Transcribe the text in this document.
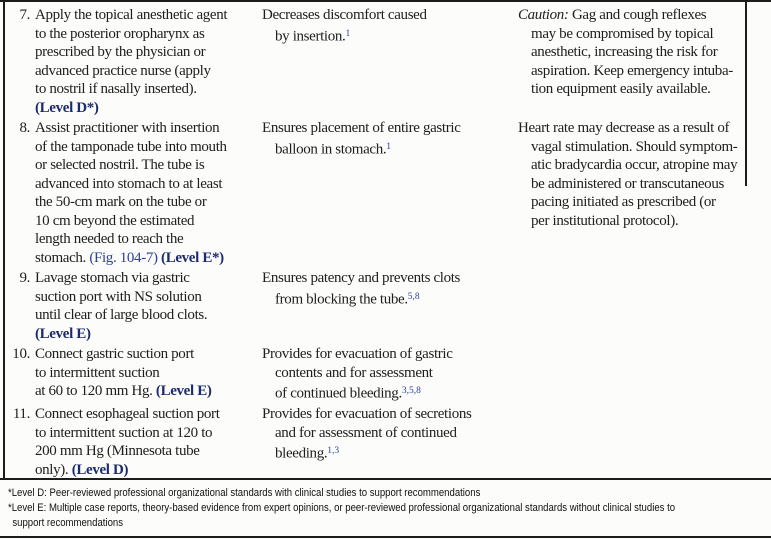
7. Apply the topical anesthetic agent
to the posterior oropharynx as
prescribed by the physician or
advanced practice nurse (apply
to nostril if nasally inserted).
(Level D*)
Decreases discomfort caused
by insertion.$^1$
Caution: Gag and cough reflexes
may be compromised by topical
anesthetic, increasing the risk for
aspiration. Keep emergency intuba-
tion equipment easily available.
8. Assist practitioner with insertion
of the tamponade tube into mouth
or selected nostril. The tube is
advanced into stomach to at least
the 50-cm mark on the tube or
10 cm beyond the estimated
length needed to reach the
stomach. (Fig. 104-7) (Level E*)
Ensures placement of entire gastric
balloon in stomach.$^1$
Heart rate may decrease as a result of
vagal stimulation. Should symptom-
atic bradycardia occur, atropine may
be administered or transcutaneous
pacing initiated as prescribed (or
per institutional protocol).
9. Lavage stomach via gastric
suction port with NS solution
until clear of large blood clots.
(Level E)
Ensures patency and prevents clots
from blocking the tube.$^{5,8}$
10. Connect gastric suction port
to intermittent suction
at 60 to 120 mm Hg. (Level E)
Provides for evacuation of gastric
contents and for assessment
of continued bleeding.$^{3,5,8}$
11. Connect esophageal suction port
to intermittent suction at 120 to
200 mm Hg (Minnesota tube
only). (Level D)
Provides for evacuation of secretions
and for assessment of continued
bleeding.$^{1,3}$
*Level D: Peer-reviewed professional organizational standards with clinical studies to support recommendations
*Level E: Multiple case reports, theory-based evidence from expert opinions, or peer-reviewed professional organizational standards without clinical studies to
support recommendations
